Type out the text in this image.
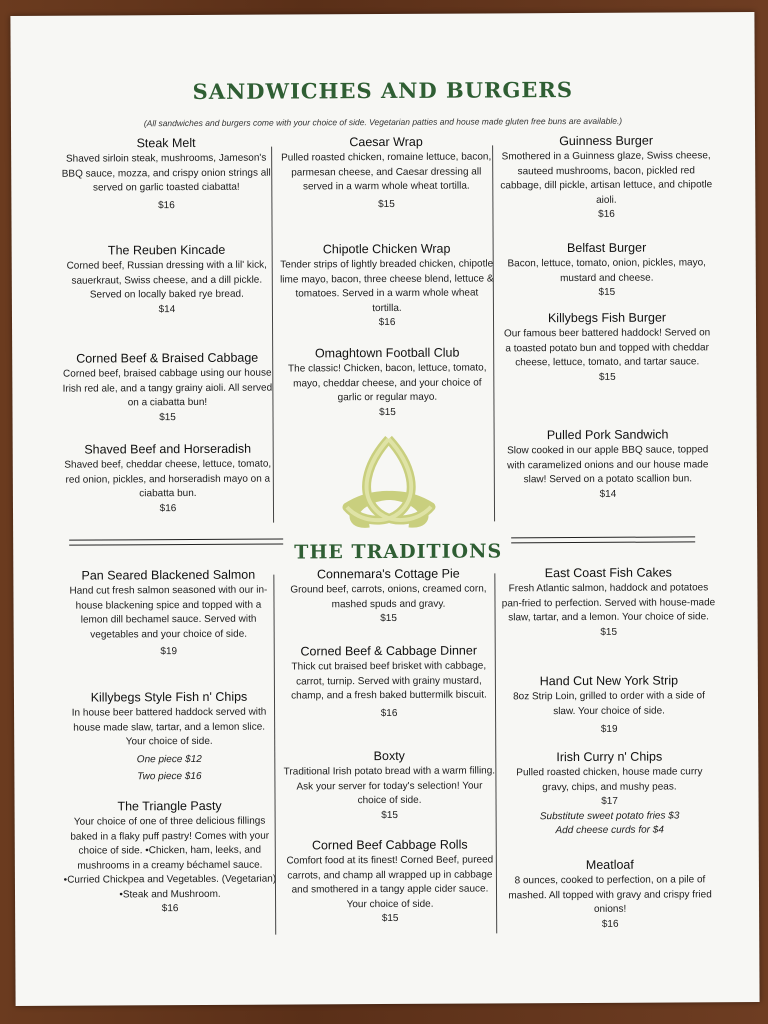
SANDWICHES AND BURGERS
(All sandwiches and burgers come with your choice of side. Vegetarian patties and house made gluten free buns are available.)
Steak Melt
Shaved sirloin steak, mushrooms, Jameson's BBQ sauce, mozza, and crispy onion strings all served on garlic toasted ciabatta!
$16
The Reuben Kincade
Corned beef, Russian dressing with a lil' kick, sauerkraut, Swiss cheese, and a dill pickle. Served on locally baked rye bread.
$14
Corned Beef & Braised Cabbage
Corned beef, braised cabbage using our house Irish red ale, and a tangy grainy aioli. All served on a ciabatta bun!
$15
Shaved Beef and Horseradish
Shaved beef, cheddar cheese, lettuce, tomato, red onion, pickles, and horseradish mayo on a ciabatta bun.
$16
Caesar Wrap
Pulled roasted chicken, romaine lettuce, bacon, parmesan cheese, and Caesar dressing all served in a warm whole wheat tortilla.
$15
Chipotle Chicken Wrap
Tender strips of lightly breaded chicken, chipotle lime mayo, bacon, three cheese blend, lettuce & tomatoes. Served in a warm whole wheat tortilla.
$16
Omaghtown Football Club
The classic! Chicken, bacon, lettuce, tomato, mayo, cheddar cheese, and your choice of garlic or regular mayo.
$15
Guinness Burger
Smothered in a Guinness glaze, Swiss cheese, sauteed mushrooms, bacon, pickled red cabbage, dill pickle, artisan lettuce, and chipotle aioli.
$16
Belfast Burger
Bacon, lettuce, tomato, onion, pickles, mayo, mustard and cheese.
$15
Killybegs Fish Burger
Our famous beer battered haddock! Served on a toasted potato bun and topped with cheddar cheese, lettuce, tomato, and tartar sauce.
$15
Pulled Pork Sandwich
Slow cooked in our apple BBQ sauce, topped with caramelized onions and our house made slaw! Served on a potato scallion bun.
$14
THE TRADITIONS
Pan Seared Blackened Salmon
Hand cut fresh salmon seasoned with our in-house blackening spice and topped with a lemon dill bechamel sauce. Served with vegetables and your choice of side.
$19
Killybegs Style Fish n' Chips
In house beer battered haddock served with house made slaw, tartar, and a lemon slice. Your choice of side.
One piece $12
Two piece $16
The Triangle Pasty
Your choice of one of three delicious fillings baked in a flaky puff pastry! Comes with your choice of side. •Chicken, ham, leeks, and mushrooms in a creamy béchamel sauce. •Curried Chickpea and Vegetables. (Vegetarian) •Steak and Mushroom.
$16
Connemara's Cottage Pie
Ground beef, carrots, onions, creamed corn, mashed spuds and gravy.
$15
Corned Beef & Cabbage Dinner
Thick cut braised beef brisket with cabbage, carrot, turnip. Served with grainy mustard, champ, and a fresh baked buttermilk biscuit.
$16
Boxty
Traditional Irish potato bread with a warm filling. Ask your server for today's selection! Your choice of side.
$15
Corned Beef Cabbage Rolls
Comfort food at its finest! Corned Beef, pureed carrots, and champ all wrapped up in cabbage and smothered in a tangy apple cider sauce. Your choice of side.
$15
East Coast Fish Cakes
Fresh Atlantic salmon, haddock and potatoes pan-fried to perfection. Served with house-made slaw, tartar, and a lemon. Your choice of side.
$15
Hand Cut New York Strip
8oz Strip Loin, grilled to order with a side of slaw. Your choice of side.
$19
Irish Curry n' Chips
Pulled roasted chicken, house made curry gravy, chips, and mushy peas.
$17
Substitute sweet potato fries $3
Add cheese curds for $4
Meatloaf
8 ounces, cooked to perfection, on a pile of mashed. All topped with gravy and crispy fried onions!
$16
